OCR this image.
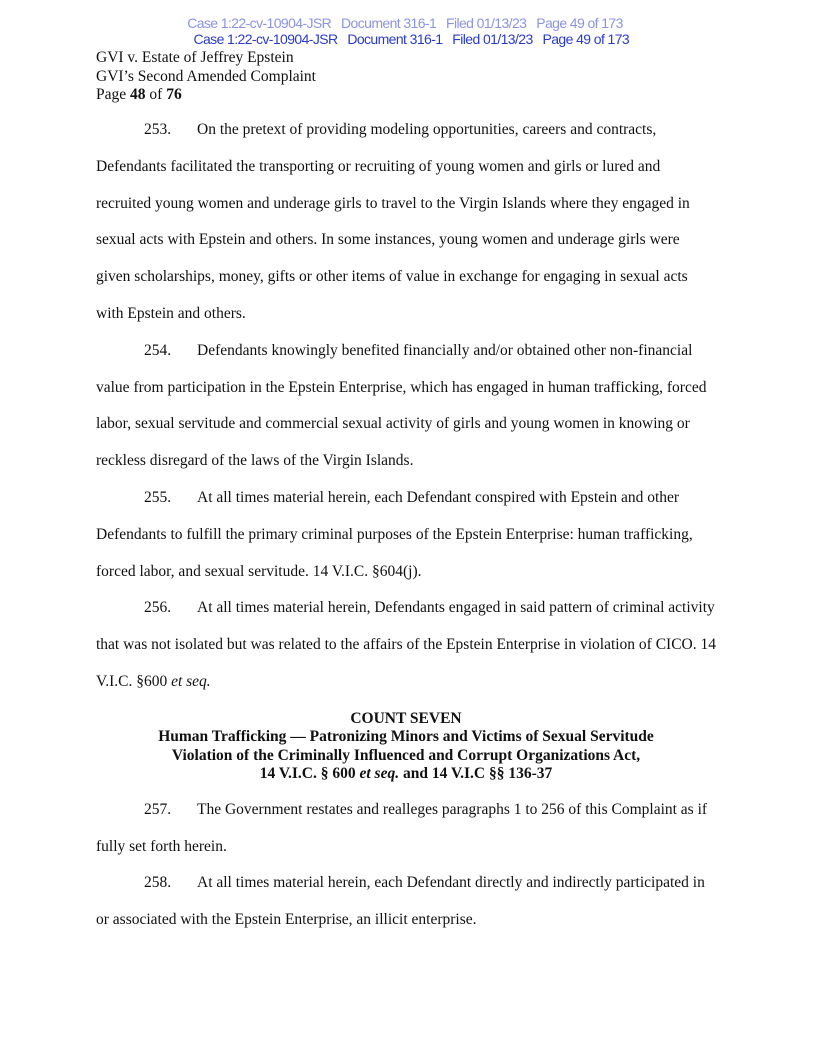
Case 1:22-cv-10904-JSR   Document 316-1   Filed 01/13/23   Page 49 of 173

Case 1:22-cv-10904-JSR   Document 316-1   Filed 01/13/23   Page 49 of 173

GVI v. Estate of Jeffrey Epstein
GVI’s Second Amended Complaint
Page 48 of 76

253. On the pretext of providing modeling opportunities, careers and contracts, Defendants facilitated the transporting or recruiting of young women and girls or lured and recruited young women and underage girls to travel to the Virgin Islands where they engaged in sexual acts with Epstein and others. In some instances, young women and underage girls were given scholarships, money, gifts or other items of value in exchange for engaging in sexual acts with Epstein and others.

254. Defendants knowingly benefited financially and/or obtained other non-financial value from participation in the Epstein Enterprise, which has engaged in human trafficking, forced labor, sexual servitude and commercial sexual activity of girls and young women in knowing or reckless disregard of the laws of the Virgin Islands.

255. At all times material herein, each Defendant conspired with Epstein and other Defendants to fulfill the primary criminal purposes of the Epstein Enterprise: human trafficking, forced labor, and sexual servitude. 14 V.I.C. §604(j).

256. At all times material herein, Defendants engaged in said pattern of criminal activity that was not isolated but was related to the affairs of the Epstein Enterprise in violation of CICO. 14 V.I.C. §600 et seq.

COUNT SEVEN
Human Trafficking — Patronizing Minors and Victims of Sexual Servitude
Violation of the Criminally Influenced and Corrupt Organizations Act,
14 V.I.C. § 600 et seq. and 14 V.I.C §§ 136-37

257. The Government restates and realleges paragraphs 1 to 256 of this Complaint as if fully set forth herein.

258. At all times material herein, each Defendant directly and indirectly participated in or associated with the Epstein Enterprise, an illicit enterprise.
